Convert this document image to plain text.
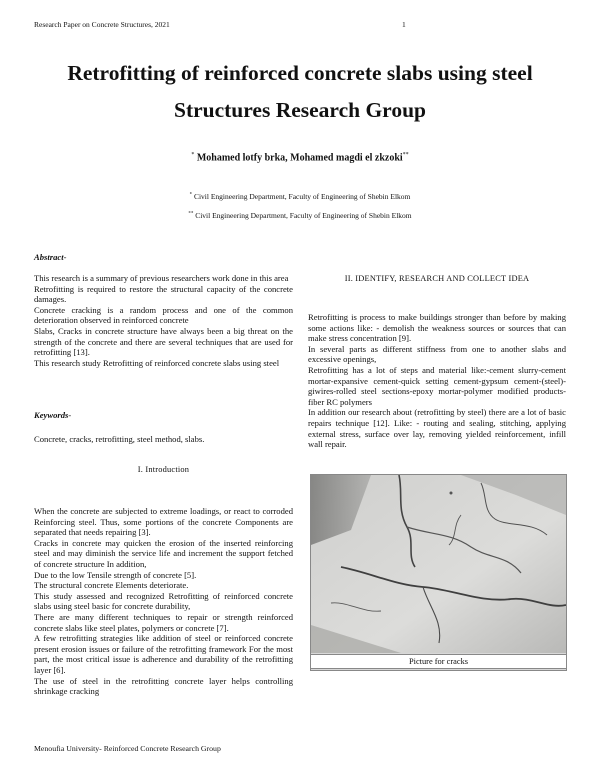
Research Paper on Concrete Structures, 2021	1
Retrofitting of reinforced concrete slabs using steel
Structures Research Group
* Mohamed lotfy brka, Mohamed magdi el zkzoki**
* Civil Engineering Department, Faculty of Engineering of Shebin Elkom
** Civil Engineering Department, Faculty of Engineering of Shebin Elkom
Abstract-

This research is a summary of previous researchers work done in this area

Retrofitting is required to restore the structural capacity of the concrete damages.

Concrete cracking is a random process and one of the common deterioration observed in reinforced concrete

Slabs, Cracks in concrete structure have always been a big threat on the strength of the concrete and there are several techniques that are used for retrofitting [13].

This research study Retrofitting of reinforced concrete slabs using steel

Keywords-
Concrete, cracks, retrofitting, steel method, slabs.
I. Introduction

When the concrete are subjected to extreme loadings, or react to corroded Reinforcing steel. Thus, some portions of the concrete Components are separated that needs repairing [3].

Cracks in concrete may quicken the erosion of the inserted reinforcing steel and may diminish the service life and increment the support fetched of concrete structure In addition,

Due to the low Tensile strength of concrete [5].

The structural concrete Elements deteriorate.

This study assessed and recognized Retrofitting of reinforced concrete slabs using steel basic for concrete durability,

There are many different techniques to repair or strength reinforced concrete slabs like steel plates, polymers or concrete [7].

A few retrofitting strategies like addition of steel or reinforced concrete present erosion issues or failure of the retrofitting framework For the most part, the most critical issue is adherence and durability of the retrofitting layer [6].

The use of steel in the retrofitting concrete layer helps controlling shrinkage cracking

II. IDENTIFY, RESEARCH AND COLLECT IDEA

Retrofitting is process to make buildings stronger than before by making some actions like: - demolish the weakness sources or sources that can make stress concentration [9].

In several parts as different stiffness from one to another slabs and excessive openings,

Retrofitting has a lot of steps and material like:-cement slurry-cement mortar-expansive cement-quick setting cement-gypsum cement-(steel)-giwires-rolled steel sections-epoxy mortar-polymer modified products-fiber RC polymers

In addition our research about (retrofitting by steel) there are a lot of basic repairs technique [12]. Like: - routing and sealing, stitching, applying external stress, surface over lay, removing yielded reinforcement, infill wall repair.

Picture for cracks
Menoufia University- Reinforced Concrete Research Group
